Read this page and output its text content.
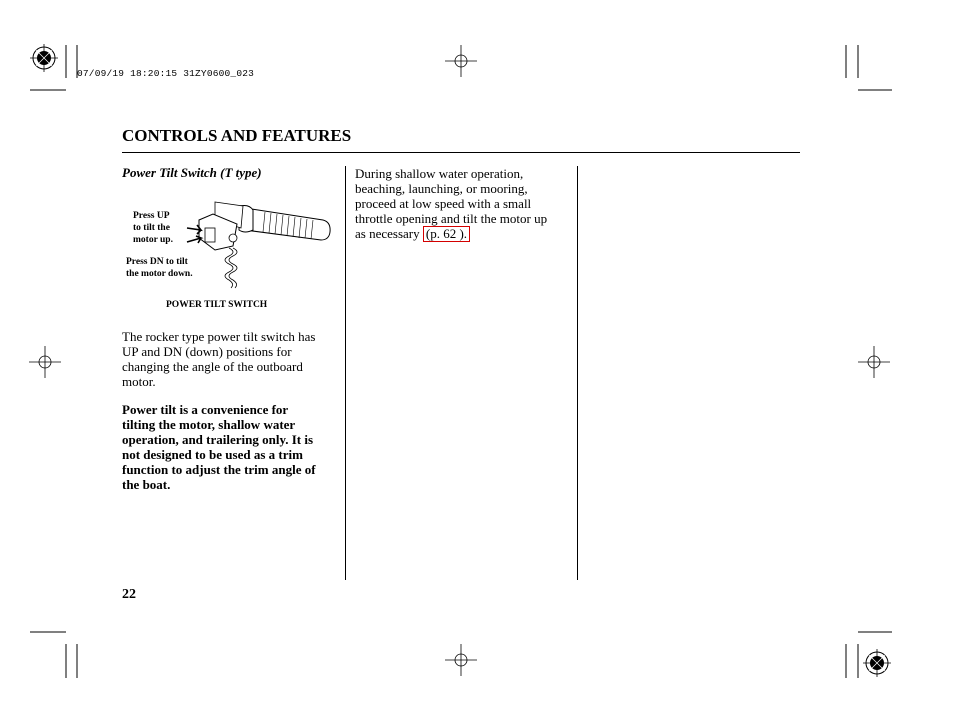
07/09/19 18:20:15 31ZY0600_023
CONTROLS AND FEATURES
Power Tilt Switch (T type)
Press UP
to tilt the
motor up.
Press DN to tilt
the motor down.
POWER TILT SWITCH
The rocker type power tilt switch has
UP and DN (down) positions for
changing the angle of the outboard
motor.
Power tilt is a convenience for
tilting the motor, shallow water
operation, and trailering only. It is
not designed to be used as a trim
function to adjust the trim angle of
the boat.
During shallow water operation,
beaching, launching, or mooring,
proceed at low speed with a small
throttle opening and tilt the motor up
as necessary (p. 62 ).
22
